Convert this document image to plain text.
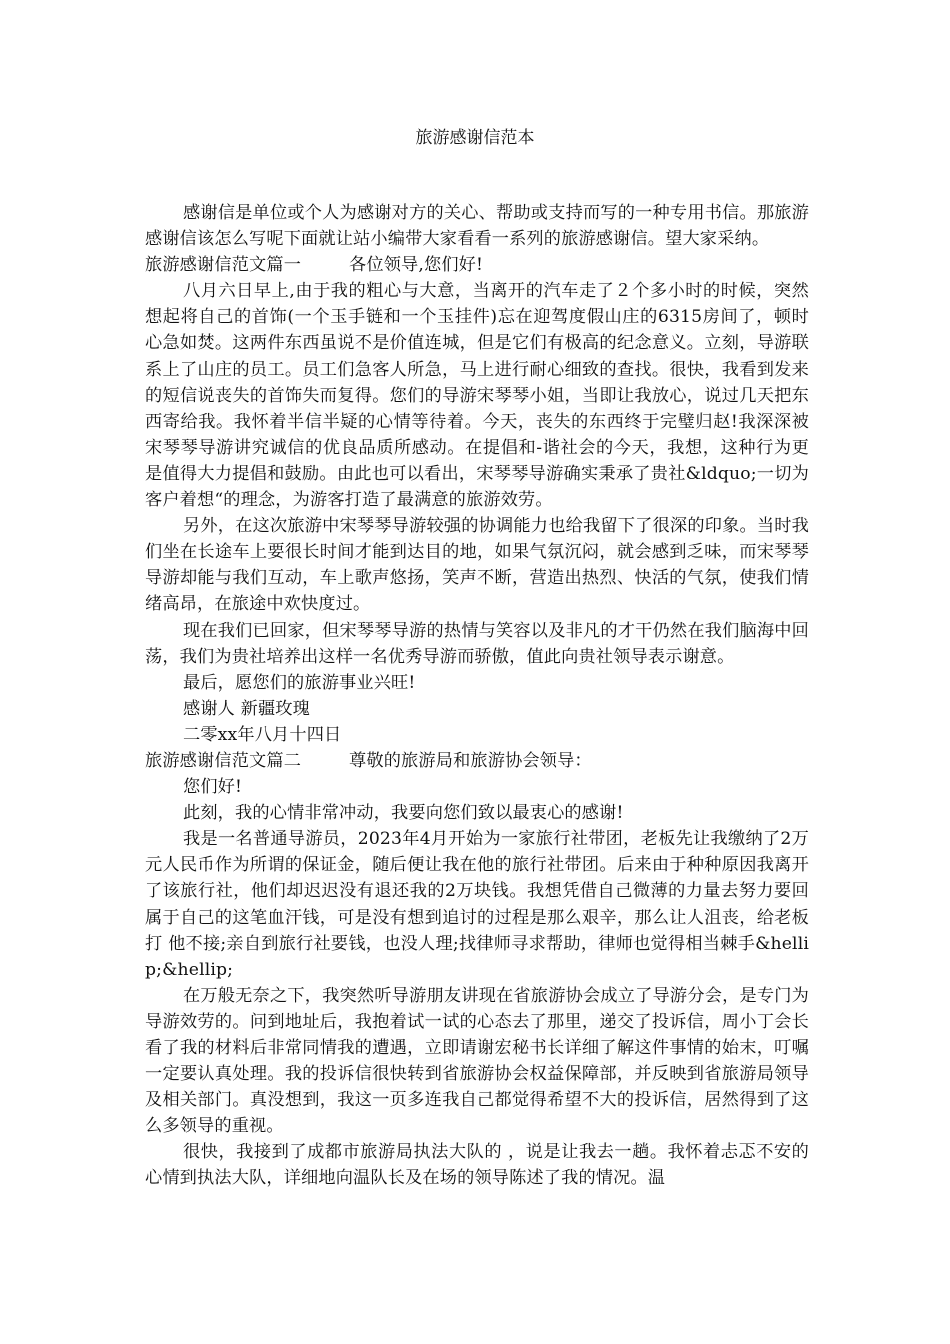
旅游感谢信范本

感谢信是单位或个人为感谢对方的关心、帮助或支持而写的一种专用书信。那旅游感谢信该怎么写呢下面就让站小编带大家看看一系列的旅游感谢信。望大家采纳。

旅游感谢信范文篇一	各位领导,您们好!

八月六日早上,由于我的粗心与大意，当离开的汽车走了２个多小时的时候，突然想起将自己的首饰(一个玉手链和一个玉挂件)忘在迎驾度假山庄的6315房间了，顿时心急如焚。这两件东西虽说不是价值连城，但是它们有极高的纪念意义。立刻，导游联系上了山庄的员工。员工们急客人所急，马上进行耐心细致的查找。很快，我看到发来的短信说丧失的首饰失而复得。您们的导游宋琴琴小姐，当即让我放心，说过几天把东西寄给我。我怀着半信半疑的心情等待着。今天，丧失的东西终于完璧归赵!我深深被宋琴琴导游讲究诚信的优良品质所感动。在提倡和-谐社会的今天，我想，这种行为更是值得大力提倡和鼓励。由此也可以看出，宋琴琴导游确实秉承了贵社&ldquo;一切为客户着想“的理念，为游客打造了最满意的旅游效劳。

另外，在这次旅游中宋琴琴导游较强的协调能力也给我留下了很深的印象。当时我们坐在长途车上要很长时间才能到达目的地，如果气氛沉闷，就会感到乏味，而宋琴琴导游却能与我们互动，车上歌声悠扬，笑声不断，营造出热烈、快活的气氛，使我们情绪高昂，在旅途中欢快度过。

现在我们已回家，但宋琴琴导游的热情与笑容以及非凡的才干仍然在我们脑海中回荡，我们为贵社培养出这样一名优秀导游而骄傲，值此向贵社领导表示谢意。

最后，愿您们的旅游事业兴旺!

感谢人 新疆玫瑰

二零xx年八月十四日

旅游感谢信范文篇二	尊敬的旅游局和旅游协会领导：

您们好!

此刻，我的心情非常冲动，我要向您们致以最衷心的感谢!

我是一名普通导游员，2023年4月开始为一家旅行社带团，老板先让我缴纳了2万元人民币作为所谓的保证金，随后便让我在他的旅行社带团。后来由于种种原因我离开了该旅行社，他们却迟迟没有退还我的2万块钱。我想凭借自己微薄的力量去努力要回属于自己的这笔血汗钱，可是没有想到追讨的过程是那么艰辛，那么让人沮丧，给老板打 他不接;亲自到旅行社要钱，也没人理;找律师寻求帮助，律师也觉得相当棘手&hellip;&hellip;

在万般无奈之下，我突然听导游朋友讲现在省旅游协会成立了导游分会，是专门为导游效劳的。问到地址后，我抱着试一试的心态去了那里，递交了投诉信，周小丁会长看了我的材料后非常同情我的遭遇，立即请谢宏秘书长详细了解这件事情的始末，叮嘱一定要认真处理。我的投诉信很快转到省旅游协会权益保障部，并反映到省旅游局领导及相关部门。真没想到，我这一页多连我自己都觉得希望不大的投诉信，居然得到了这么多领导的重视。

很快，我接到了成都市旅游局执法大队的 ，说是让我去一趟。我怀着忐忑不安的心情到执法大队，详细地向温队长及在场的领导陈述了我的情况。温
